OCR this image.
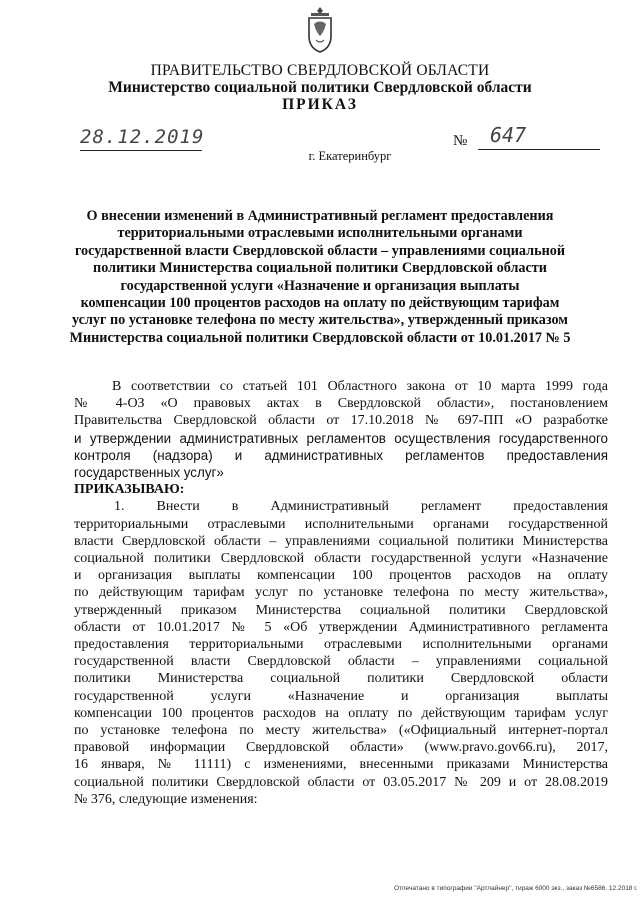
ПРАВИТЕЛЬСТВО СВЕРДЛОВСКОЙ ОБЛАСТИ
Министерство социальной политики Свердловской области
ПРИКАЗ
28.12.2019	№ 647
г. Екатеринбург
О внесении изменений в Административный регламент предоставления
территориальными отраслевыми исполнительными органами
государственной власти Свердловской области – управлениями социальной
политики Министерства социальной политики Свердловской области
государственной услуги «Назначение и организация выплаты
компенсации 100 процентов расходов на оплату по действующим тарифам
услуг по установке телефона по месту жительства», утвержденный приказом
Министерства социальной политики Свердловской области от 10.01.2017 № 5
В соответствии со статьей 101 Областного закона от 10 марта 1999 года
№ 4-ОЗ «О правовых актах в Свердловской области», постановлением
Правительства Свердловской области от 17.10.2018 № 697-ПП «О разработке
и утверждении административных регламентов осуществления государственного
контроля (надзора) и административных регламентов предоставления
государственных услуг»
ПРИКАЗЫВАЮ:
1. Внести в Административный регламент предоставления
территориальными отраслевыми исполнительными органами государственной
власти Свердловской области – управлениями социальной политики Министерства
социальной политики Свердловской области государственной услуги «Назначение
и организация выплаты компенсации 100 процентов расходов на оплату
по действующим тарифам услуг по установке телефона по месту жительства»,
утвержденный приказом Министерства социальной политики Свердловской
области от 10.01.2017 № 5 «Об утверждении Административного регламента
предоставления территориальными отраслевыми исполнительными органами
государственной власти Свердловской области – управлениями социальной
политики Министерства социальной политики Свердловской области
государственной услуги «Назначение и организация выплаты
компенсации 100 процентов расходов на оплату по действующим тарифам услуг
по установке телефона по месту жительства» («Официальный интернет-портал
правовой информации Свердловской области» (www.pravo.gov66.ru), 2017,
16 января, № 11111) с изменениями, внесенными приказами Министерства
социальной политики Свердловской области от 03.05.2017 № 209 и от 28.08.2019
№ 376, следующие изменения:
Отпечатано в типографии "Артлайнер", тираж 6000 экз., заказ №6586. 12.2018 г.
